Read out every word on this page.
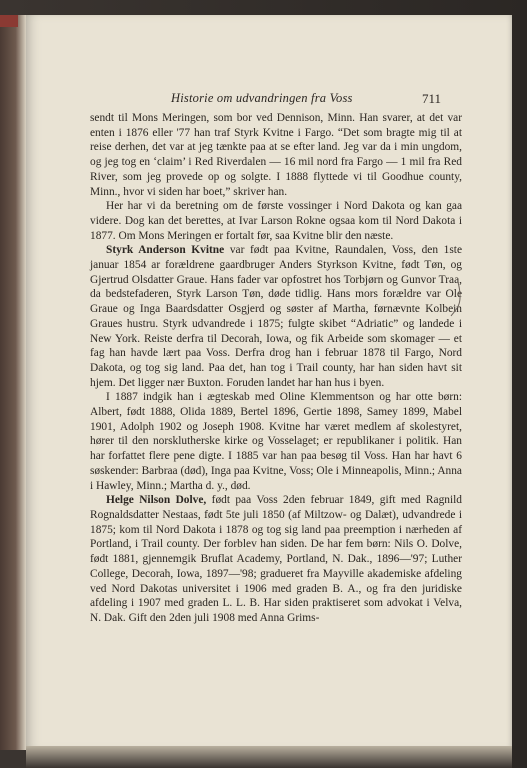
Historie om udvandringen fra Voss	711

sendt til Mons Meringen, som bor ved Dennison, Minn. Han svarer, at det var enten i 1876 eller '77 han traf Styrk Kvitne i Fargo. “Det som bragte mig til at reise derhen, det var at jeg tænkte paa at se efter land. Jeg var da i min ungdom, og jeg tog en ‘claim’ i Red Riverdalen — 16 mil nord fra Fargo — 1 mil fra Red River, som jeg provede op og solgte. I 1888 flyttede vi til Goodhue county, Minn., hvor vi siden har boet,” skriver han.

Her har vi da beretning om de første vossinger i Nord Dakota og kan gaa videre. Dog kan det berettes, at Ivar Larson Rokne ogsaa kom til Nord Dakota i 1877. Om Mons Meringen er fortalt før, saa Kvitne blir den næste.

Styrk Anderson Kvitne var født paa Kvitne, Raundalen, Voss, den 1ste januar 1854 ar forældrene gaardbruger Anders Styrkson Kvitne, født Tøn, og Gjertrud Olsdatter Graue. Hans fader var opfostret hos Torbjørn og Gunvor Traa, da bedstefaderen, Styrk Larson Tøn, døde tidlig. Hans mors forældre var Ole Graue og Inga Baardsdatter Osgjerd og søster af Martha, førnævnte Kolbein Graues hustru. Styrk udvandrede i 1875; fulgte skibet “Adriatic” og landede i New York. Reiste derfra til Decorah, Iowa, og fik Arbeide som skomager — et fag han havde lært paa Voss. Derfra drog han i februar 1878 til Fargo, Nord Dakota, og tog sig land. Paa det, han tog i Trail county, har han siden havt sit hjem. Det ligger nær Buxton. Foruden landet har han hus i byen.

I 1887 indgik han i ægteskab med Oline Klemmentson og har otte børn: Albert, født 1888, Olida 1889, Bertel 1896, Gertie 1898, Samey 1899, Mabel 1901, Adolph 1902 og Joseph 1908. Kvitne har været medlem af skolestyret, hører til den norsklutherske kirke og Vosselaget; er republikaner i politik. Han har forfattet flere pene digte. I 1885 var han paa besøg til Voss. Han har havt 6 søskender: Barbraa (død), Inga paa Kvitne, Voss; Ole i Minneapolis, Minn.; Anna i Hawley, Minn.; Martha d. y., død.

Helge Nilson Dolve, født paa Voss 2den februar 1849, gift med Ragnild Rognaldsdatter Nestaas, født 5te juli 1850 (af Miltzow- og Dalæt), udvandrede i 1875; kom til Nord Dakota i 1878 og tog sig land paa preemption i nærheden af Portland, i Trail county. Der forblev han siden. De har fem børn: Nils O. Dolve, født 1881, gjennemgik Bruflat Academy, Portland, N. Dak., 1896—'97; Luther College, Decorah, Iowa, 1897—'98; gradueret fra Mayville akademiske afdeling ved Nord Dakotas universitet i 1906 med graden B. A., og fra den juridiske afdeling i 1907 med graden L. L. B. Har siden praktiseret som advokat i Velva, N. Dak. Gift den 2den juli 1908 med Anna Grims-
